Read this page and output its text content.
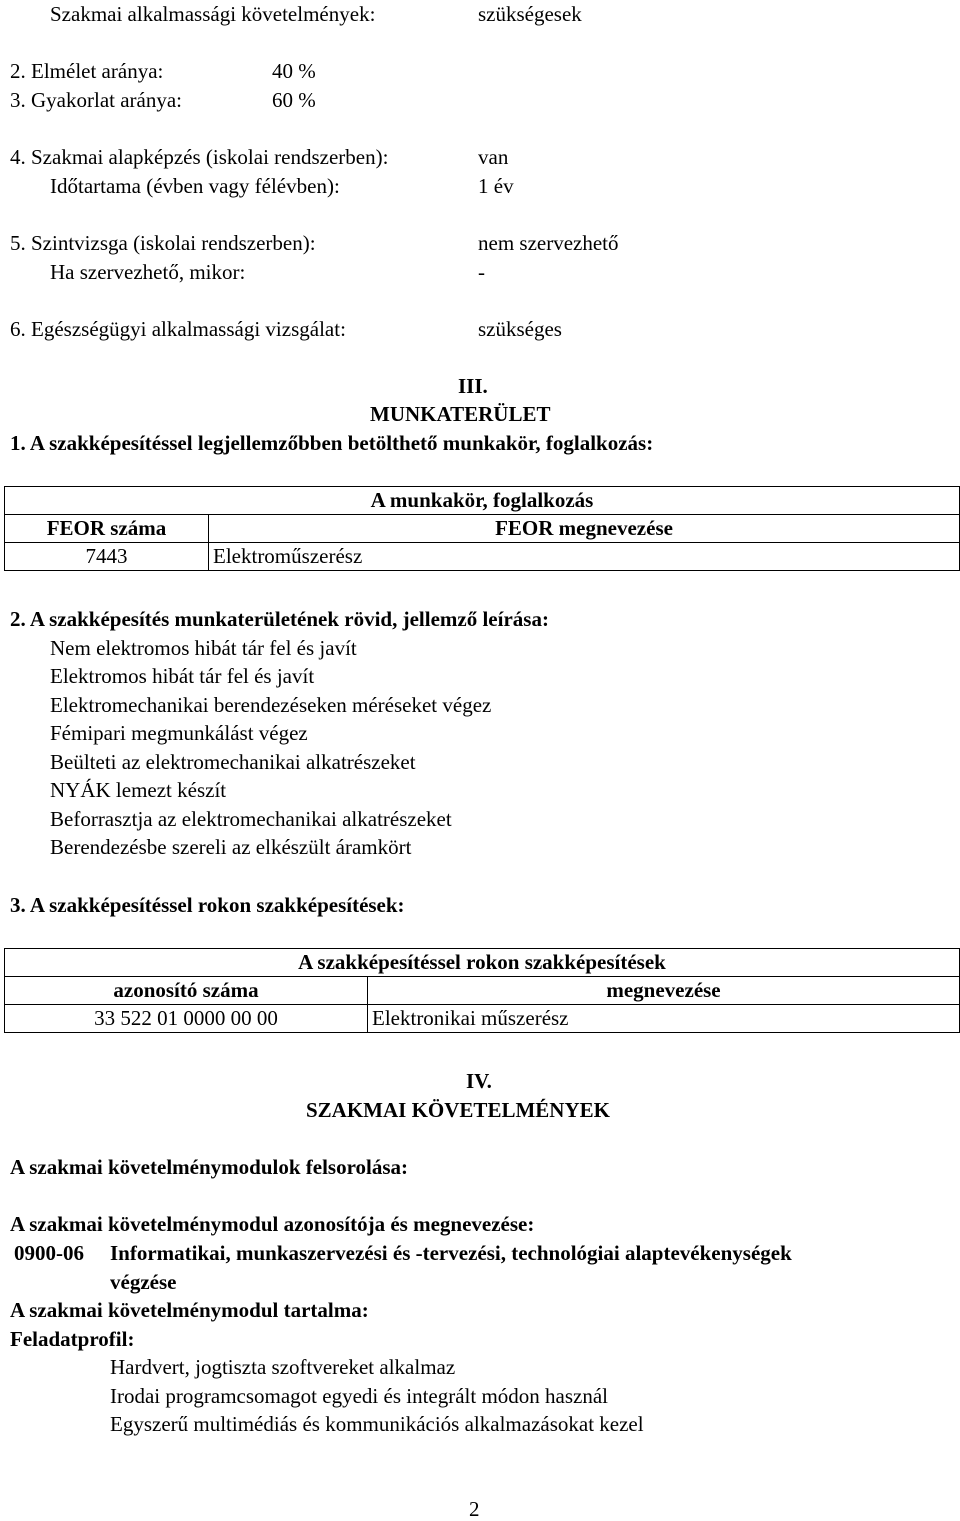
Szakmai alkalmassági követelmények:	szükségesek
2. Elmélet aránya:	40 %
3. Gyakorlat aránya:	60 %
4. Szakmai alapképzés (iskolai rendszerben):	van
Időtartama (évben vagy félévben):	1 év
5. Szintvizsga (iskolai rendszerben):	nem szervezhető
Ha szervezhető, mikor:	-
6. Egészségügyi alkalmassági vizsgálat:	szükséges
III.
MUNKATERÜLET
1. A szakképesítéssel legjellemzőbben betölthető munkakör, foglalkozás:
A munkakör, foglalkozás	
FEOR száma	FEOR megnevezése
7443	Elektroműszerész
2. A szakképesítés munkaterületének rövid, jellemző leírása:
Nem elektromos hibát tár fel és javít
Elektromos hibát tár fel és javít
Elektromechanikai berendezéseken méréseket végez
Fémipari megmunkálást végez
Beülteti az elektromechanikai alkatrészeket
NYÁK lemezt készít
Beforrasztja az elektromechanikai alkatrészeket
Berendezésbe szereli az elkészült áramkört
3. A szakképesítéssel rokon szakképesítések:
A szakképesítéssel rokon szakképesítések	
azonosító száma	megnevezése
33 522 01 0000 00 00	Elektronikai műszerész
IV.
SZAKMAI KÖVETELMÉNYEK
A szakmai követelménymodulok felsorolása:
A szakmai követelménymodul azonosítója és megnevezése:
0900-06 Informatikai, munkaszervezési és -tervezési, technológiai alaptevékenységek
végzése
A szakmai követelménymodul tartalma:
Feladatprofil:
Hardvert, jogtiszta szoftvereket alkalmaz
Irodai programcsomagot egyedi és integrált módon használ
Egyszerű multimédiás és kommunikációs alkalmazásokat kezel
2
